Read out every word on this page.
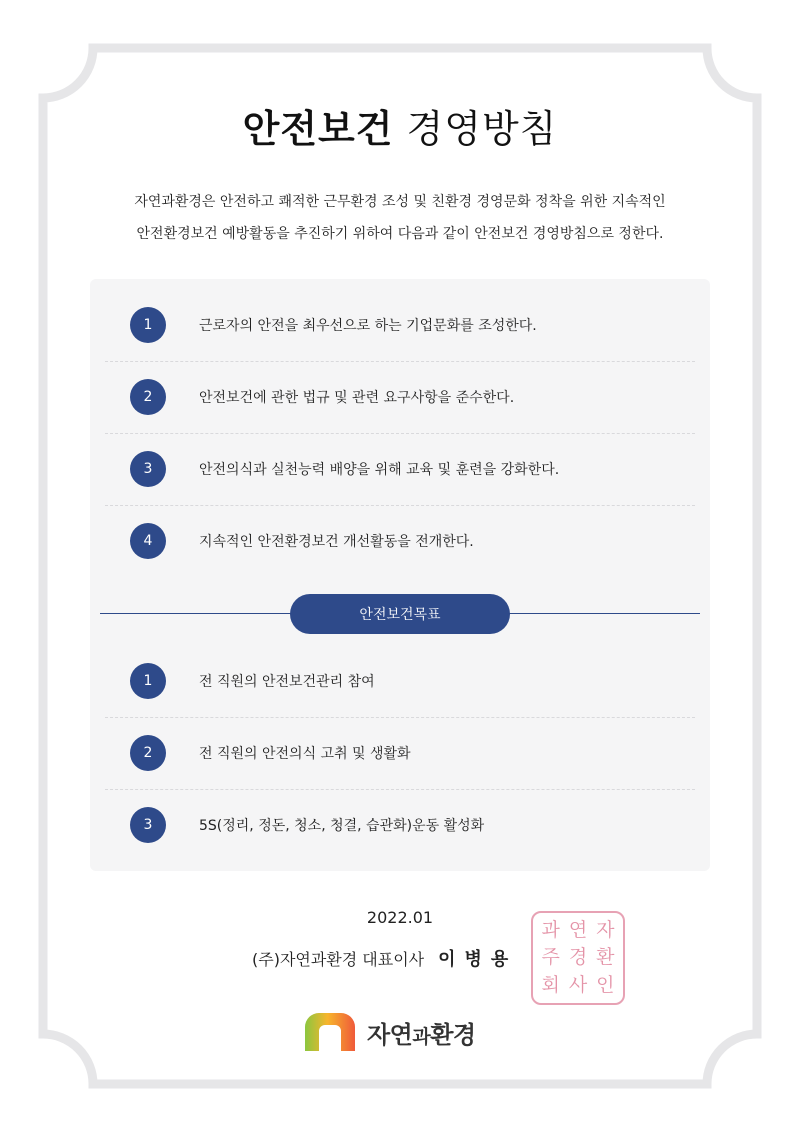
안전보건 경영방침
자연과환경은 안전하고 쾌적한 근무환경 조성 및 친환경 경영문화 정착을 위한 지속적인
안전환경보건 예방활동을 추진하기 위하여 다음과 같이 안전보건 경영방침으로 정한다.
1	근로자의 안전을 최우선으로 하는 기업문화를 조성한다.
2	안전보건에 관한 법규 및 관련 요구사항을 준수한다.
3	안전의식과 실천능력 배양을 위해 교육 및 훈련을 강화한다.
4	지속적인 안전환경보건 개선활동을 전개한다.
안전보건목표
1	전 직원의 안전보건관리 참여
2	전 직원의 안전의식 고취 및 생활화
3	5S(정리, 정돈, 청소, 청결, 습관화)운동 활성화
2022.01
(주)자연과환경 대표이사 이병용
과 연 자
주 경 환
회 사 인
자연과환경
